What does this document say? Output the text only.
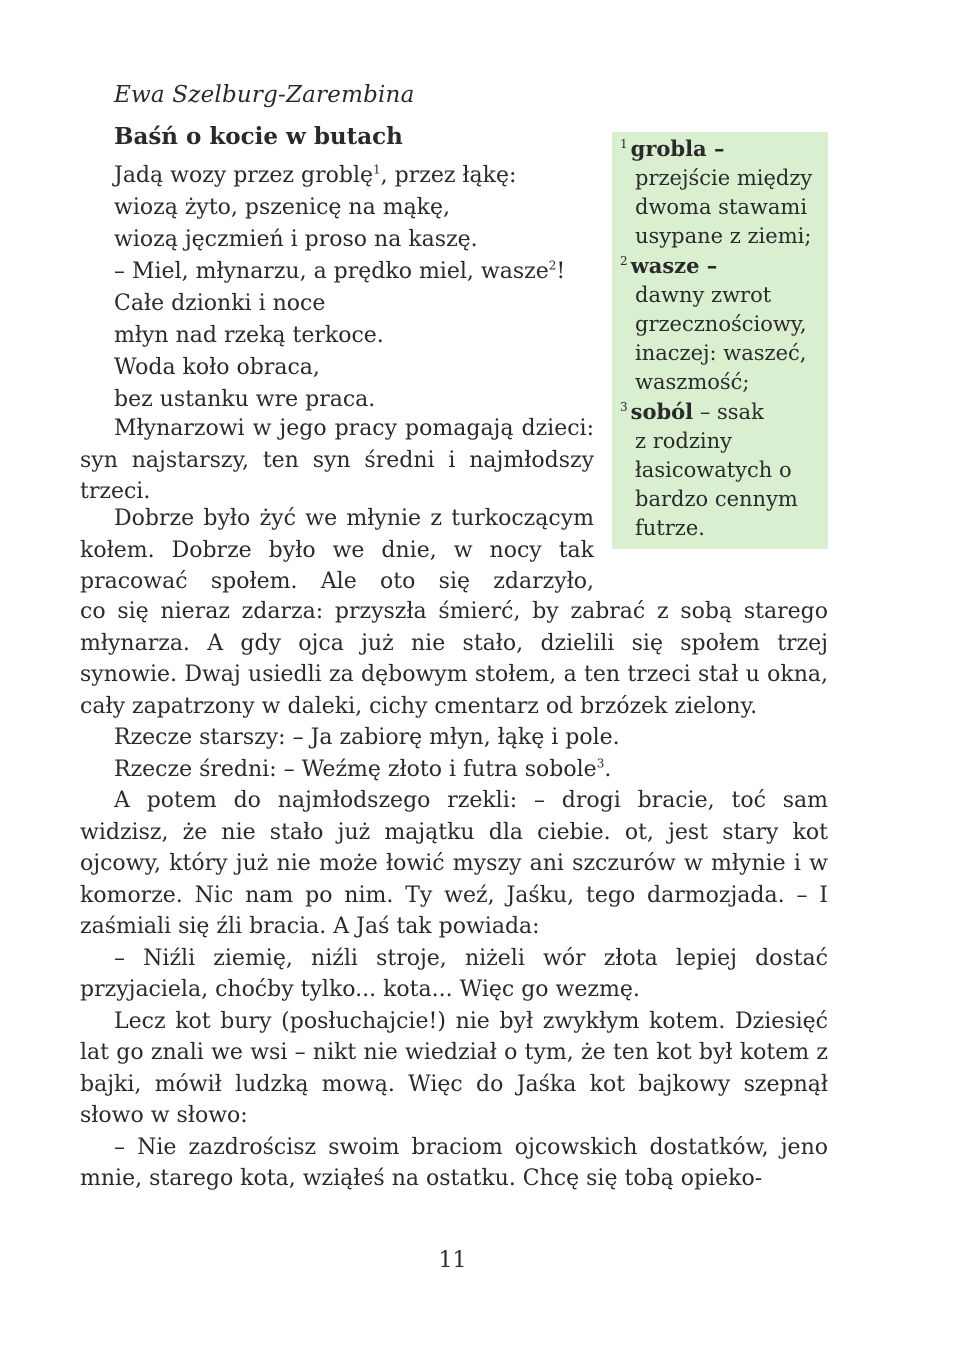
Ewa Szelburg-Zarembina
Baśń o kocie w butach
Jadą wozy przez groblę$^1$, przez łąkę:
wiozą żyto, pszenicę na mąkę,
wiozą jęczmień i proso na kaszę.
– Miel, młynarzu, a prędko miel, wasze$^2$!
Całe dzionki i noce
młyn nad rzeką terkoce.
Woda koło obraca,
bez ustanku wre praca.

Młynarzowi w jego pracy pomagają dzieci: syn najstarszy, ten syn średni i najmłodszy trzeci.

Dobrze było żyć we młynie z turkoczącym kołem. Dobrze było we dnie, w nocy tak pracować społem. Ale oto się zdarzyło,

co się nieraz zdarza: przyszła śmierć, by zabrać z sobą starego młynarza. A gdy ojca już nie stało, dzielili się społem trzej synowie. Dwaj usiedli za dębowym stołem, a ten trzeci stał u okna, cały zapatrzony w daleki, cichy cmentarz od brzózek zielony.

Rzecze starszy: – Ja zabiorę młyn, łąkę i pole.

Rzecze średni: – Weźmę złoto i futra sobole$^3$.

A potem do najmłodszego rzekli: – drogi bracie, toć sam widzisz, że nie stało już majątku dla ciebie. ot, jest stary kot ojcowy, który już nie może łowić myszy ani szczurów w młynie i w komorze. Nic nam po nim. Ty weź, Jaśku, tego darmozjada. – I zaśmiali się źli bracia. A Jaś tak powiada:

– Niźli ziemię, niźli stroje, niżeli wór złota lepiej dostać przyjaciela, choćby tylko... kota... Więc go wezmę.

Lecz kot bury (posłuchajcie!) nie był zwykłym kotem. Dziesięć lat go znali we wsi – nikt nie wiedział o tym, że ten kot był kotem z bajki, mówił ludzką mową. Więc do Jaśka kot bajkowy szepnął słowo w słowo:

– Nie zazdrościsz swoim braciom ojcowskich dostatków, jeno mnie, starego kota, wziąłeś na ostatku. Chcę się tobą opieko-

$^1$ grobla –
przejście między dwoma stawami usypane z ziemi;
$^2$ wasze –
dawny zwrot grzecznościowy, inaczej: waszeć, waszmość;
$^3$ soból – ssak
z rodziny łasicowatych o bardzo cennym futrze.
11
